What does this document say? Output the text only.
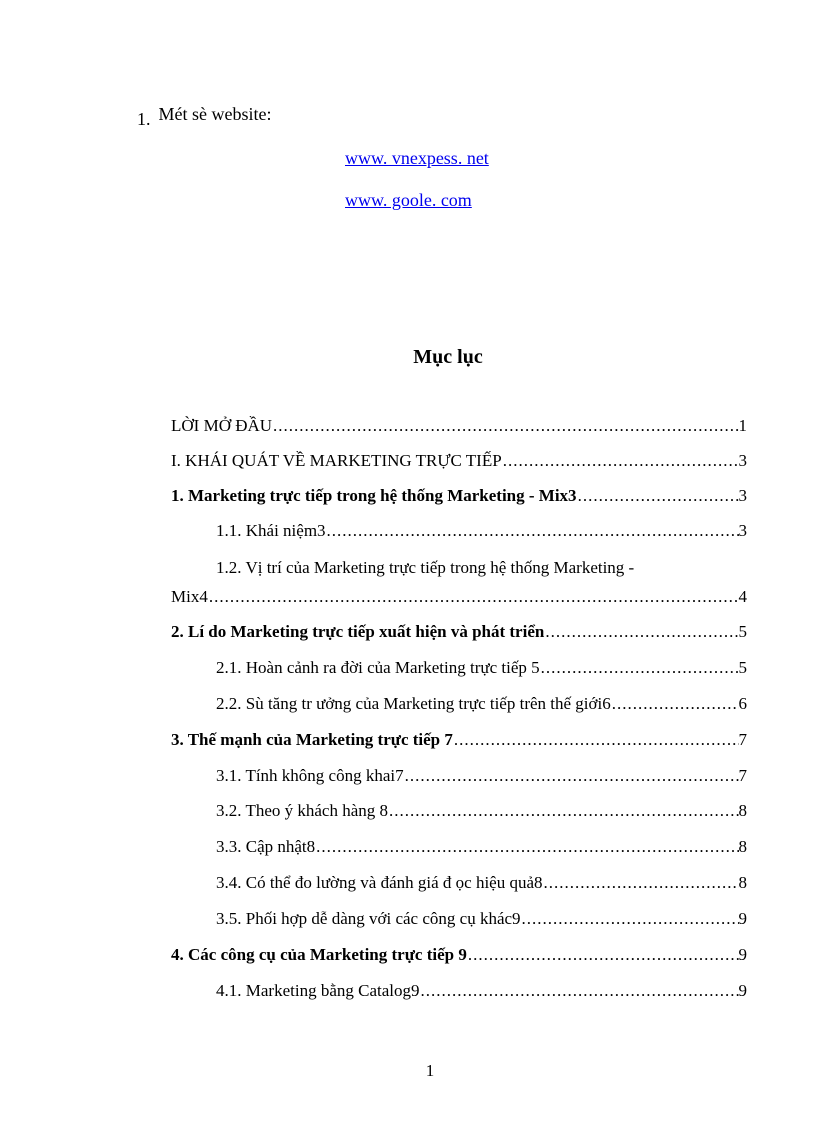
1. Mét sè website:
www. vnexpess. net
www. goole. com
Mục lục
LỜI MỞ ĐẦU .....	1
I. KHÁI QUÁT VỀ MARKETING TRỰC TIẾP .....	3
1. Marketing trực tiếp trong hệ thống Marketing - Mix3 .....	3
1.1. Khái niệm3 .....	3
1.2. Vị trí của Marketing trực tiếp trong hệ thống Marketing -
Mix4 .....	4
2. Lí do Marketing trực tiếp xuất hiện và phát triển .....	5
2.1. Hoàn cảnh ra đời của Marketing trực tiếp 5 .....	5
2.2. Sù tăng tr ưởng của Marketing trực tiếp trên thế giới6 .....	6
3. Thế mạnh của Marketing trực tiếp 7 .....	7
3.1. Tính không công khai7 .....	7
3.2. Theo ý khách hàng 8 .....	8
3.3. Cập nhật8 .....	8
3.4. Có thể đo lường và đánh giá đ ọc hiệu quả8 .....	8
3.5. Phối hợp dễ dàng với các công cụ khác9 .....	9
4. Các công cụ của Marketing trực tiếp 9 .....	9
4.1. Marketing bằng Catalog9 .....	9
1
